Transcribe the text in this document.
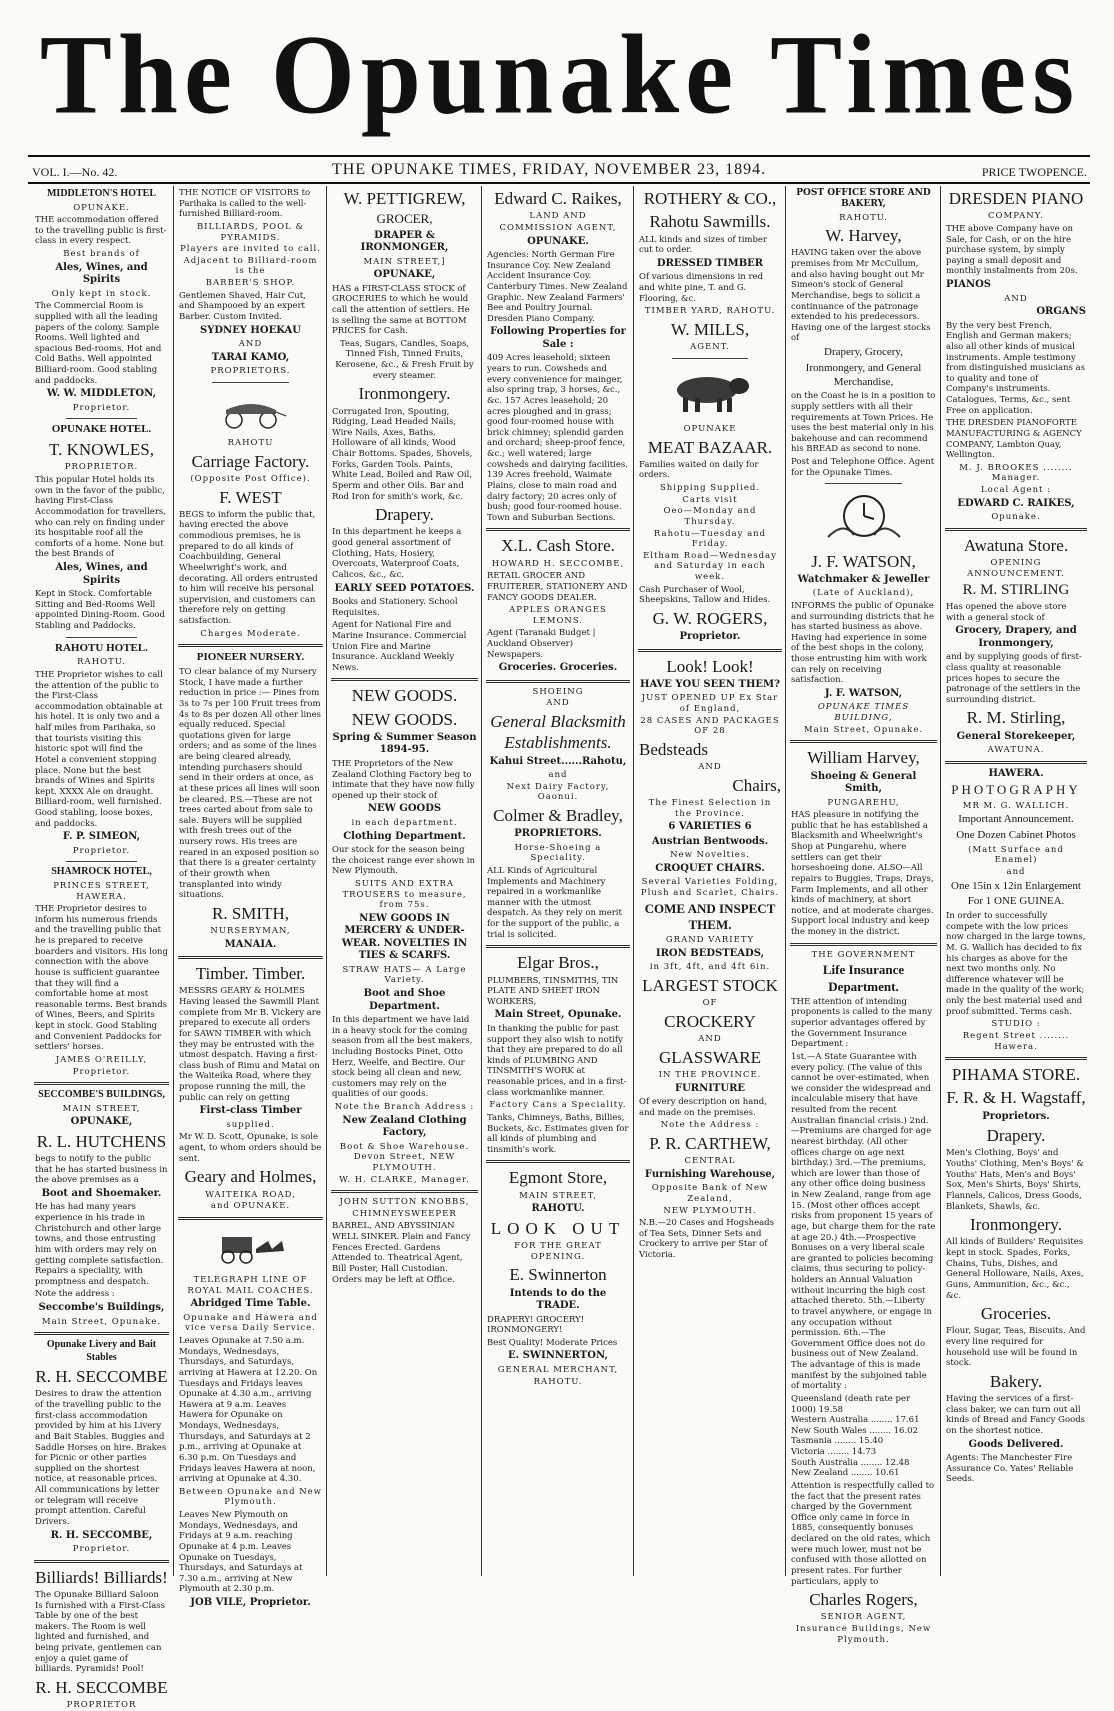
The Opunake Times
VOL. I.—No. 42.	THE OPUNAKE TIMES, FRIDAY, NOVEMBER 23, 1894.	PRICE TWOPENCE.
MIDDLETON'S HOTEL
OPUNAKE.
THE accommodation offered to the travelling public is first-class in every respect.
Best brands of
Ales, Wines, and Spirits
Only kept in stock.
The Commercial Room is supplied with all the leading papers of the colony. Sample Rooms. Well lighted and spacious Bed-rooms. Hot and Cold Baths. Well appointed Billiard-room. Good stabling and paddocks.
W. W. MIDDLETON,
Proprietor.
OPUNAKE HOTEL.
T. KNOWLES,
PROPRIETOR.
This popular Hotel holds its own in the favor of the public, having First-Class Accommodation for travellers, who can rely on finding under its hospitable roof all the comforts of a home. None but the best Brands of
Ales, Wines, and Spirits
Kept in Stock. Comfortable Sitting and Bed-Rooms Well appointed Dining-Room. Good Stabling and Paddocks.
RAHOTU HOTEL.
RAHOTU.
THE Proprietor wishes to call the attention of the public to the First-Class accommodation obtainable at his hotel. It is only two and a half miles from Parihaka, so that tourists visiting this historic spot will find the Hotel a convenient stopping place. None but the best brands of Wines and Spirits kept. XXXX Ale on draught. Billiard-room, well furnished. Good stabling, loose boxes, and paddocks.
F. P. SIMEON,
Proprietor.
SHAMROCK HOTEL,
PRINCES STREET, HAWERA.
THE Proprietor desires to inform his numerous friends and the travelling public that he is prepared to receive boarders and visitors. His long connection with the above house is sufficient guarantee that they will find a comfortable home at most reasonable terms. Best brands of Wines, Beers, and Spirits kept in stock. Good Stabling and Convenient Paddocks for settlers' horses.
JAMES O'REILLY,
Proprietor.
SECCOMBE'S BUILDINGS,
MAIN STREET,
OPUNAKE,
R. L. HUTCHENS
begs to notify to the public that he has started business in the above premises as a
Boot and Shoemaker.
He has had many years experience in his trade in Christchurch and other large towns, and those entrusting him with orders may rely on getting complete satisfaction. Repairs a speciality, with promptness and despatch.
Note the address :
Seccombe's Buildings,
Main Street, Opunake.
Opunake Livery and Bait Stables
R. H. SECCOMBE
Desires to draw the attention of the travelling public to the first-class accommodation provided by him at his Livery and Bait Stables. Buggies and Saddle Horses on hire. Brakes for Picnic or other parties supplied on the shortest notice, at reasonable prices. All communications by letter or telegram will receive prompt attention. Careful Drivers.
R. H. SECCOMBE,
Proprietor.
Billiards! Billiards!
The Opunake Billiard Saloon Is furnished with a First-Class Table by one of the best makers. The Room is well lighted and furnished, and being private, gentlemen can enjoy a quiet game of billiards. Pyramids! Pool!
R. H. SECCOMBE
PROPRIETOR
THE NOTICE OF VISITORS to Parihaka is called to the well-furnished Billiard-room.
BILLIARDS, POOL & PYRAMIDS.
Players are invited to call.
Adjacent to Billiard-room is the
BARBER'S SHOP.
Gentlemen Shaved, Hair Cut, and Shampooed by an expert Barber. Custom Invited.
SYDNEY HOEKAU
AND
TARAI KAMO,
PROPRIETORS.
RAHOTU
Carriage Factory.
(Opposite Post Office).
F. WEST
BEGS to inform the public that, having erected the above commodious premises, he is prepared to do all kinds of Coachbuilding, General Wheelwright's work, and decorating. All orders entrusted to him will receive his personal supervision, and customers can therefore rely on getting satisfaction.
Charges Moderate.
PIONEER NURSERY.
TO clear balance of my Nursery Stock, I have made a further reduction in price :— Pines from 3s to 7s per 100 Fruit trees from 4s to 8s per dozen All other lines equally reduced. Special quotations given for large orders; and as some of the lines are being cleared already, intending purchasers should send in their orders at once, as at these prices all lines will soon be cleared. P.S.—These are not trees carted about from sale to sale. Buyers will be supplied with fresh trees out of the nursery rows. His trees are reared in an exposed position so that there is a greater certainty of their growth when transplanted into windy situations.
R. SMITH,
NURSERYMAN,
MANAIA.
Timber. Timber.
MESSRS GEARY & HOLMES Having leased the Sawmill Plant complete from Mr B. Vickery are prepared to execute all orders for SAWN TIMBER with which they may be entrusted with the utmost despatch. Having a first-class bush of Rimu and Matai on the Waiteika Road, where they propose running the mill, the public can rely on getting
First-class Timber
supplied.
Mr W. D. Scott, Opunake, is sole agent, to whom orders should be sent.
Geary and Holmes,
WAITEIKA ROAD,
and OPUNAKE.
TELEGRAPH LINE OF ROYAL MAIL COACHES.
Abridged Time Table.
Opunake and Hawera and vice versa Daily Service.
Leaves Opunake at 7.50 a.m. Mondays, Wednesdays, Thursdays, and Saturdays, arriving at Hawera at 12.20. On Tuesdays and Fridays leaves Opunake at 4.30 a.m., arriving Hawera at 9 a.m. Leaves Hawera for Opunake on Mondays, Wednesdays, Thursdays, and Saturdays at 2 p.m., arriving at Opunake at 6.30 p.m. On Tuesdays and Fridays leaves Hawera at noon, arriving at Opunake at 4.30.
Between Opunake and New Plymouth.
Leaves New Plymouth on Mondays, Wednesdays, and Fridays at 9 a.m. reaching Opunake at 4 p.m. Leaves Opunake on Tuesdays, Thursdays, and Saturdays at 7.30 a.m., arriving at New Plymouth at 2.30 p.m.
JOB VILE, Proprietor.
W. PETTIGREW,
GROCER,
DRAPER & IRONMONGER,
MAIN STREET,]
OPUNAKE,
HAS a FIRST-CLASS STOCK of GROCERIES to which he would call the attention of settlers. He is selling the same at BOTTOM PRICES for Cash.
Teas, Sugars, Candles, Soaps, Tinned Fish, Tinned Fruits, Kerosene, &c., & Fresh Fruit by every steamer.
Ironmongery.
Corrugated Iron, Spouting, Ridging, Lead Headed Nails, Wire Nails, Axes, Baths. Holloware of all kinds, Wood Chair Bottoms. Spades, Shovels, Forks, Garden Tools. Paints, White Lead, Boiled and Raw Oil, Sperm and other Oils. Bar and Rod Iron for smith's work, &c.
Drapery.
In this department he keeps a good general assortment of Clothing, Hats, Hosiery, Overcoats, Waterproof Coats, Calicos, &c., &c.
EARLY SEED POTATOES.
Books and Stationery. School Requisites.
Agent for National Fire and Marine Insurance. Commercial Union Fire and Marine Insurance. Auckland Weekly News.
NEW GOODS.
NEW GOODS.
Spring & Summer Season 1894-95.
THE Proprietors of the New Zealand Clothing Factory beg to intimate that they have now fully opened up their stock of
NEW GOODS
in each department.
Clothing Department.
Our stock for the season being the choicest range ever shown in New Plymouth.
SUITS AND EXTRA TROUSERS to measure, from 75s.
NEW GOODS IN MERCERY & UNDER-WEAR. NOVELTIES IN TIES & SCARFS.
STRAW HATS— A Large Variety.
Boot and Shoe Department.
In this department we have laid in a heavy stock for the coming season from all the best makers, including Bostocks Pinet, Otto Herz, Weelfe, and Bectire. Our stock being all clean and new, customers may rely on the qualities of our goods.
Note the Branch Address :
New Zealand Clothing Factory,
Boot & Shoe Warehouse. Devon Street, NEW PLYMOUTH.
W. H. CLARKE, Manager.
JOHN SUTTON KNOBBS,
CHIMNEYSWEEPER
BARREL, AND ABYSSINIAN WELL SINKER. Plain and Fancy Fences Erected. Gardens Attended to. Theatrical Agent, Bill Poster, Hall Custodian. Orders may be left at Office.
Edward C. Raikes,
LAND AND
COMMISSION AGENT,
OPUNAKE.
Agencies: North German Fire Insurance Coy. New Zealand Accident Insurance Coy. Canterbury Times. New Zealand Graphic. New Zealand Farmers' Bee and Poultry Journal. Dresden Piano Company.
Following Properties for Sale :
409 Acres leasehold; sixteen years to run. Cowsheds and every convenience for mainger, also spring trap, 3 horses, &c., &c. 157 Acres leasehold; 20 acres ploughed and in grass; good four-roomed house with brick chimney; splendid garden and orchard; sheep-proof fence, &c.; well watered; large cowsheds and dairying facilities. 139 Acres freehold, Waimate Plains, close to main road and dairy factory; 20 acres only of bush; good four-roomed house. Town and Suburban Sections.
X.L. Cash Store.
HOWARD H. SECCOMBE,
RETAIL GROCER AND FRUITERER, STATIONERY AND FANCY GOODS DEALER.
APPLES ORANGES LEMONS.
Agent (Taranaki Budget | Auckland Observer) Newspapers.
Groceries. Groceries.
SHOEING
AND
General Blacksmith Establishments.
Kahui Street......Rahotu,
and
Next Dairy Factory, Oaonui.
Colmer & Bradley,
PROPRIETORS.
Horse-Shoeing a Speciality.
ALL Kinds of Agricultural Implements and Machinery repaired in a workmanlike manner with the utmost despatch. As they rely on merit for the support of the public, a trial is solicited.
Elgar Bros.,
PLUMBERS, TINSMITHS, TIN PLATE AND SHEET IRON WORKERS,
Main Street, Opunake.
In thanking the public for past support they also wish to notify that they are prepared to do all kinds of PLUMBING AND TINSMITH'S WORK at reasonable prices, and in a first-class workmanlike manner.
Factory Cans a Speciality.
Tanks, Chimneys, Baths, Billies, Buckets, &c. Estimates given for all kinds of plumbing and tinsmith's work.
Egmont Store,
MAIN STREET,
RAHOTU.
LOOK OUT
FOR THE GREAT OPENING.
E. Swinnerton
Intends to do the TRADE.
DRAPERY! GROCERY! IRONMONGERY!
Best Quality! Moderate Prices
E. SWINNERTON,
GENERAL MERCHANT,
RAHOTU.
ROTHERY & CO.,
Rahotu Sawmills.
ALL kinds and sizes of timber cut to order.
DRESSED TIMBER
Of various dimensions in red and white pine, T. and G. Flooring, &c.
TIMBER YARD, RAHOTU.
W. MILLS,
AGENT.
OPUNAKE
MEAT BAZAAR.
Families waited on daily for orders.
Shipping Supplied.
Carts visit
Oeo—Monday and Thursday.
Rahotu—Tuesday and Friday.
Eltham Road—Wednesday and Saturday in each week.
Cash Purchaser of Wool, Sheepskins, Tallow and Hides.
G. W. ROGERS,
Proprietor.
Look! Look!
HAVE YOU SEEN THEM?
JUST OPENED UP Ex Star of England,
28 CASES AND PACKAGES OF 28
Bedsteads
AND
Chairs,
The Finest Selection in the Province.
6 VARIETIES 6
Austrian Bentwoods.
New Novelties.
CROQUET CHAIRS.
Several Varieties Folding, Plush and Scarlet, Chairs.
COME AND INSPECT THEM.
GRAND VARIETY
IRON BEDSTEADS,
in 3ft, 4ft, and 4ft 6in.
LARGEST STOCK
OF
CROCKERY
AND
GLASSWARE
IN THE PROVINCE.
FURNITURE
Of every description on hand, and made on the premises.
Note the Address :
P. R. CARTHEW,
CENTRAL
Furnishing Warehouse,
Opposite Bank of New Zealand,
NEW PLYMOUTH.
N.B.—20 Cases and Hogsheads of Tea Sets, Dinner Sets and Crockery to arrive per Star of Victoria.
POST OFFICE STORE AND BAKERY,
RAHOTU.
W. Harvey,
HAVING taken over the above premises from Mr McCullum, and also having bought out Mr Simeon's stock of General Merchandise, begs to solicit a continuance of the patronage extended to his predecessors. Having one of the largest stocks of
Drapery, Grocery,
Ironmongery, and General Merchandise,
on the Coast he is in a position to supply settlers with all their requirements at Town Prices. He uses the best material only in his bakehouse and can recommend his BREAD as second to none.
Post and Telephone Office. Agent for the Opunake Times.
J. F. WATSON,
Watchmaker & Jeweller
(Late of Auckland),
INFORMS the public of Opunake and surrounding districts that he has started business as above. Having had experience in some of the best shops in the colony, those entrusting him with work can rely on receiving satisfaction.
J. F. WATSON,
OPUNAKE TIMES BUILDING,
Main Street, Opunake.
William Harvey,
Shoeing & General Smith,
PUNGAREHU,
HAS pleasure in notifying the public that he has established a Blacksmith and Wheelwright's Shop at Pungarehu, where settlers can get their horseshoeing done. ALSO—All repairs to Buggies, Traps, Drays, Farm Implements, and all other kinds of machinery, at short notice, and at moderate charges. Support local industry and keep the money in the district.
THE GOVERNMENT
Life Insurance Department.
THE attention of intending proponents is called to the many superior advantages offered by the Government Insurance Department :
1st.—A State Guarantee with every policy. (The value of this cannot be over-estimated, when we consider the widespread and incalculable misery that have resulted from the recent Australian financial crisis.) 2nd.—Premiums are charged for age nearest birthday. (All other offices charge on age next birthday.) 3rd.—The premiums, which are lower than those of any other office doing business in New Zealand, range from age 15. (Most other offices accept risks from proponent 15 years of age, but charge them for the rate at age 20.) 4th.—Prospective Bonuses on a very liberal scale are granted to policies becoming claims, thus securing to policy-holders an Annual Valuation without incurring the high cost attached thereto. 5th.—Liberty to travel anywhere, or engage in any occupation without permission. 6th.—The Government Office does not do business out of New Zealand. The advantage of this is made manifest by the subjoined table of mortality :
Queensland (death rate per 1000) 19.58
Western Australia ........ 17.61
New South Wales ........ 16.02
Tasmania ........ 15.40
Victoria ........ 14.73
South Australia ........ 12.48
New Zealand ........ 10.61
Attention is respectfully called to the fact that the present rates charged by the Government Office only came in force in 1885, consequently bonuses declared on the old rates, which were much lower, must not be confused with those allotted on present rates. For further particulars, apply to
Charles Rogers,
SENIOR AGENT,
Insurance Buildings, New Plymouth.
DRESDEN PIANO
COMPANY.
THE above Company have on Sale, for Cash, or on the hire purchase system, by simply paying a small deposit and monthly instalments from 20s.
PIANOS
AND
ORGANS
By the very best French, English and German makers; also all other kinds of musical instruments. Ample testimony from distinguished musicians as to quality and tone of Company's instruments. Catalogues, Terms, &c., sent Free on application.
THE DRESDEN PIANOFORTE MANUFACTURING & AGENCY COMPANY, Lambton Quay, Wellington.
M. J. BROOKES ........ Manager.
Local Agent :
EDWARD C. RAIKES,
Opunake.
Awatuna Store.
OPENING ANNOUNCEMENT.
R. M. STIRLING
Has opened the above store with a general stock of
Grocery, Drapery, and Ironmongery,
and by supplying goods of first-class quality at reasonable prices hopes to secure the patronage of the settlers in the surrounding district.
R. M. Stirling,
General Storekeeper,
AWATUNA.
HAWERA.
PHOTOGRAPHY
MR M. G. WALLICH.
Important Announcement.
One Dozen Cabinet Photos
(Matt Surface and Enamel)
and
One 15in x 12in Enlargement
For 1 ONE GUINEA.
In order to successfully compete with the low prices now charged in the large towns, M. G. Wallich has decided to fix his charges as above for the next two months only. No difference whatever will be made in the quality of the work; only the best material used and proof submitted. Terms cash.
STUDIO :
Regent Street ........ Hawera.
PIHAMA STORE.
F. R. & H. Wagstaff,
Proprietors.
Drapery.
Men's Clothing, Boys' and Youths' Clothing, Men's Boys' & Youths' Hats, Men's and Boys' Sox, Men's Shirts, Boys' Shirts, Flannels, Calicos, Dress Goods, Blankets, Shawls, &c.
Ironmongery.
All kinds of Builders' Requisites kept in stock. Spades, Forks, Chains, Tubs, Dishes, and General Holloware, Nails, Axes, Guns, Ammunition, &c., &c., &c.
Groceries.
Flour, Sugar, Teas, Biscuits. And every line required for household use will be found in stock.
Bakery.
Having the services of a first-class baker, we can turn out all kinds of Bread and Fancy Goods on the shortest notice.
Goods Delivered.
Agents: The Manchester Fire Assurance Co. Yates' Reliable Seeds.
